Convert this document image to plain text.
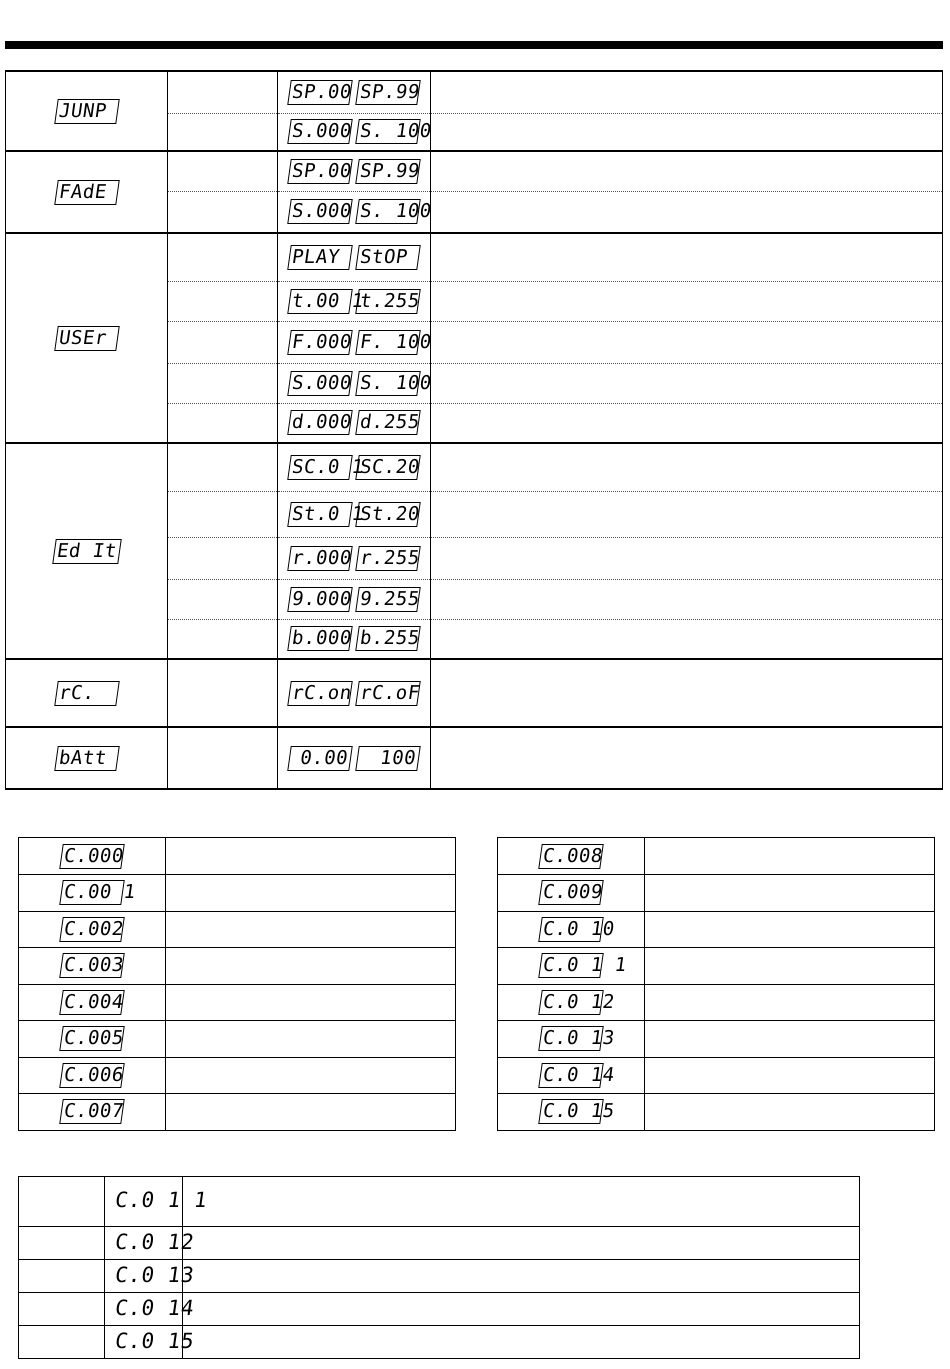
JUNP		SP.00 SP.99	
		S.000 S. 100	
FAdE		SP.00 SP.99	
		S.000 S. 100	
USEr		PLAY StOP	
		t.00 1t.255	
		F.000 F. 100	
		S.000 S. 100	
		d.000 d.255	
Ed It		SC.0 1SC.20	
		St.0 1St.20	
		r.000 r.255	
		9.000 9.255	
		b.000 b.255	
rC.		rC.on rC.oF	
bAtt		0.00 100	
C.000	
C.00 1	
C.002	
C.003	
C.004	
C.005	
C.006	
C.007	
C.008	
C.009	
C.0 10	
C.0 1 1	
C.0 12	
C.0 13	
C.0 14	
C.0 15	
	C.0 1 1	
	C.0 12	
	C.0 13	
	C.0 14	
	C.0 15	
